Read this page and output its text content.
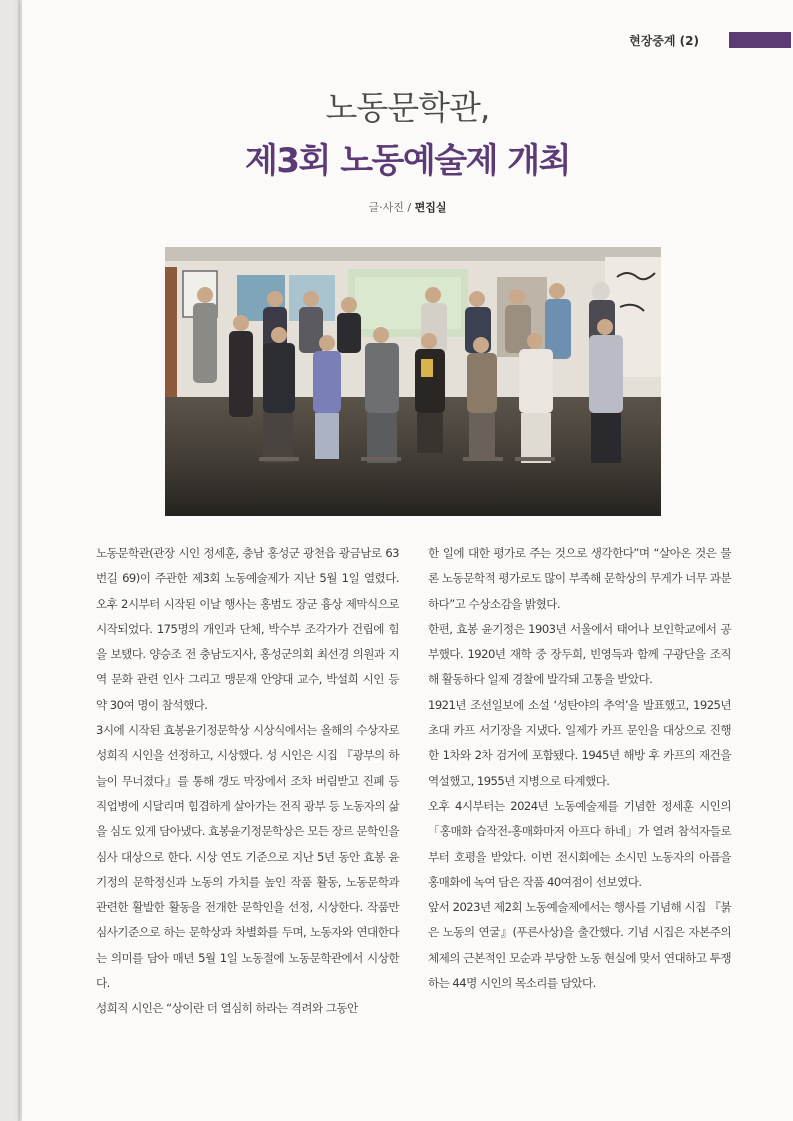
현장중계 (2)
노동문학관,
제3회 노동예술제 개최
글·사진 / 편집실

노동문학관(관장 시인 정세훈, 충남 홍성군 광천읍 광금남로 63번길 69)이 주관한 제3회 노동예술제가 지난 5월 1일 열렸다. 오후 2시부터 시작된 이날 행사는 홍범도 장군 흉상 제막식으로 시작되었다. 175명의 개인과 단체, 박수부 조각가가 건립에 힘을 보탰다. 양승조 전 충남도지사, 홍성군의회 최선경 의원과 지역 문화 관련 인사 그리고 맹문재 안양대 교수, 박설희 시인 등 약 30여 명이 참석했다.

3시에 시작된 효봉윤기정문학상 시상식에서는 올해의 수상자로 성희직 시인을 선정하고, 시상했다. 성 시인은 시집 『광부의 하늘이 무너졌다』를 통해 갱도 막장에서 조차 버림받고 진폐 등 직업병에 시달리며 힘겹하게 살아가는 전직 광부 등 노동자의 삶을 심도 있게 담아냈다. 효봉윤기정문학상은 모든 장르 문학인을 심사 대상으로 한다. 시상 연도 기준으로 지난 5년 동안 효봉 윤기정의 문학정신과 노동의 가치를 높인 작품 활동, 노동문학과 관련한 활발한 활동을 전개한 문학인을 선정, 시상한다. 작품만 심사기준으로 하는 문학상과 차별화를 두며, 노동자와 연대한다는 의미를 담아 매년 5월 1일 노동절에 노동문학관에서 시상한다.

성희직 시인은 “상이란 더 열심히 하라는 격려와 그동안

한 일에 대한 평가로 주는 것으로 생각한다”며 “살아온 것은 물론 노동문학적 평가로도 많이 부족해 문학상의 무게가 너무 과분하다”고 수상소감을 밝혔다.

한편, 효봉 윤기정은 1903년 서울에서 태어나 보인학교에서 공부했다. 1920년 재학 중 장두희, 빈영득과 함께 구광단을 조직해 활동하다 일제 경찰에 발각돼 고통을 받았다.

1921년 조선일보에 소설 ‘성탄야의 추억’을 발표했고, 1925년 초대 카프 서기장을 지냈다. 일제가 카프 문인을 대상으로 진행한 1차와 2차 검거에 포함됐다. 1945년 해방 후 카프의 재건을 역설했고, 1955년 지병으로 타계했다.

오후 4시부터는 2024년 노동예술제를 기념한 정세훈 시인의 「홍매화 습작전-홍매화마저 아프다 하네」가 열려 참석자들로부터 호평을 받았다. 이번 전시회에는 소시민 노동자의 아픔을 홍매화에 녹여 담은 작품 40여점이 선보였다.

앞서 2023년 제2회 노동예술제에서는 행사를 기념해 시집 『붉은 노동의 연굴』(푸른사상)을 출간했다. 기념 시집은 자본주의 체제의 근본적인 모순과 부당한 노동 현실에 맞서 연대하고 투쟁하는 44명 시인의 목소리를 담았다.
